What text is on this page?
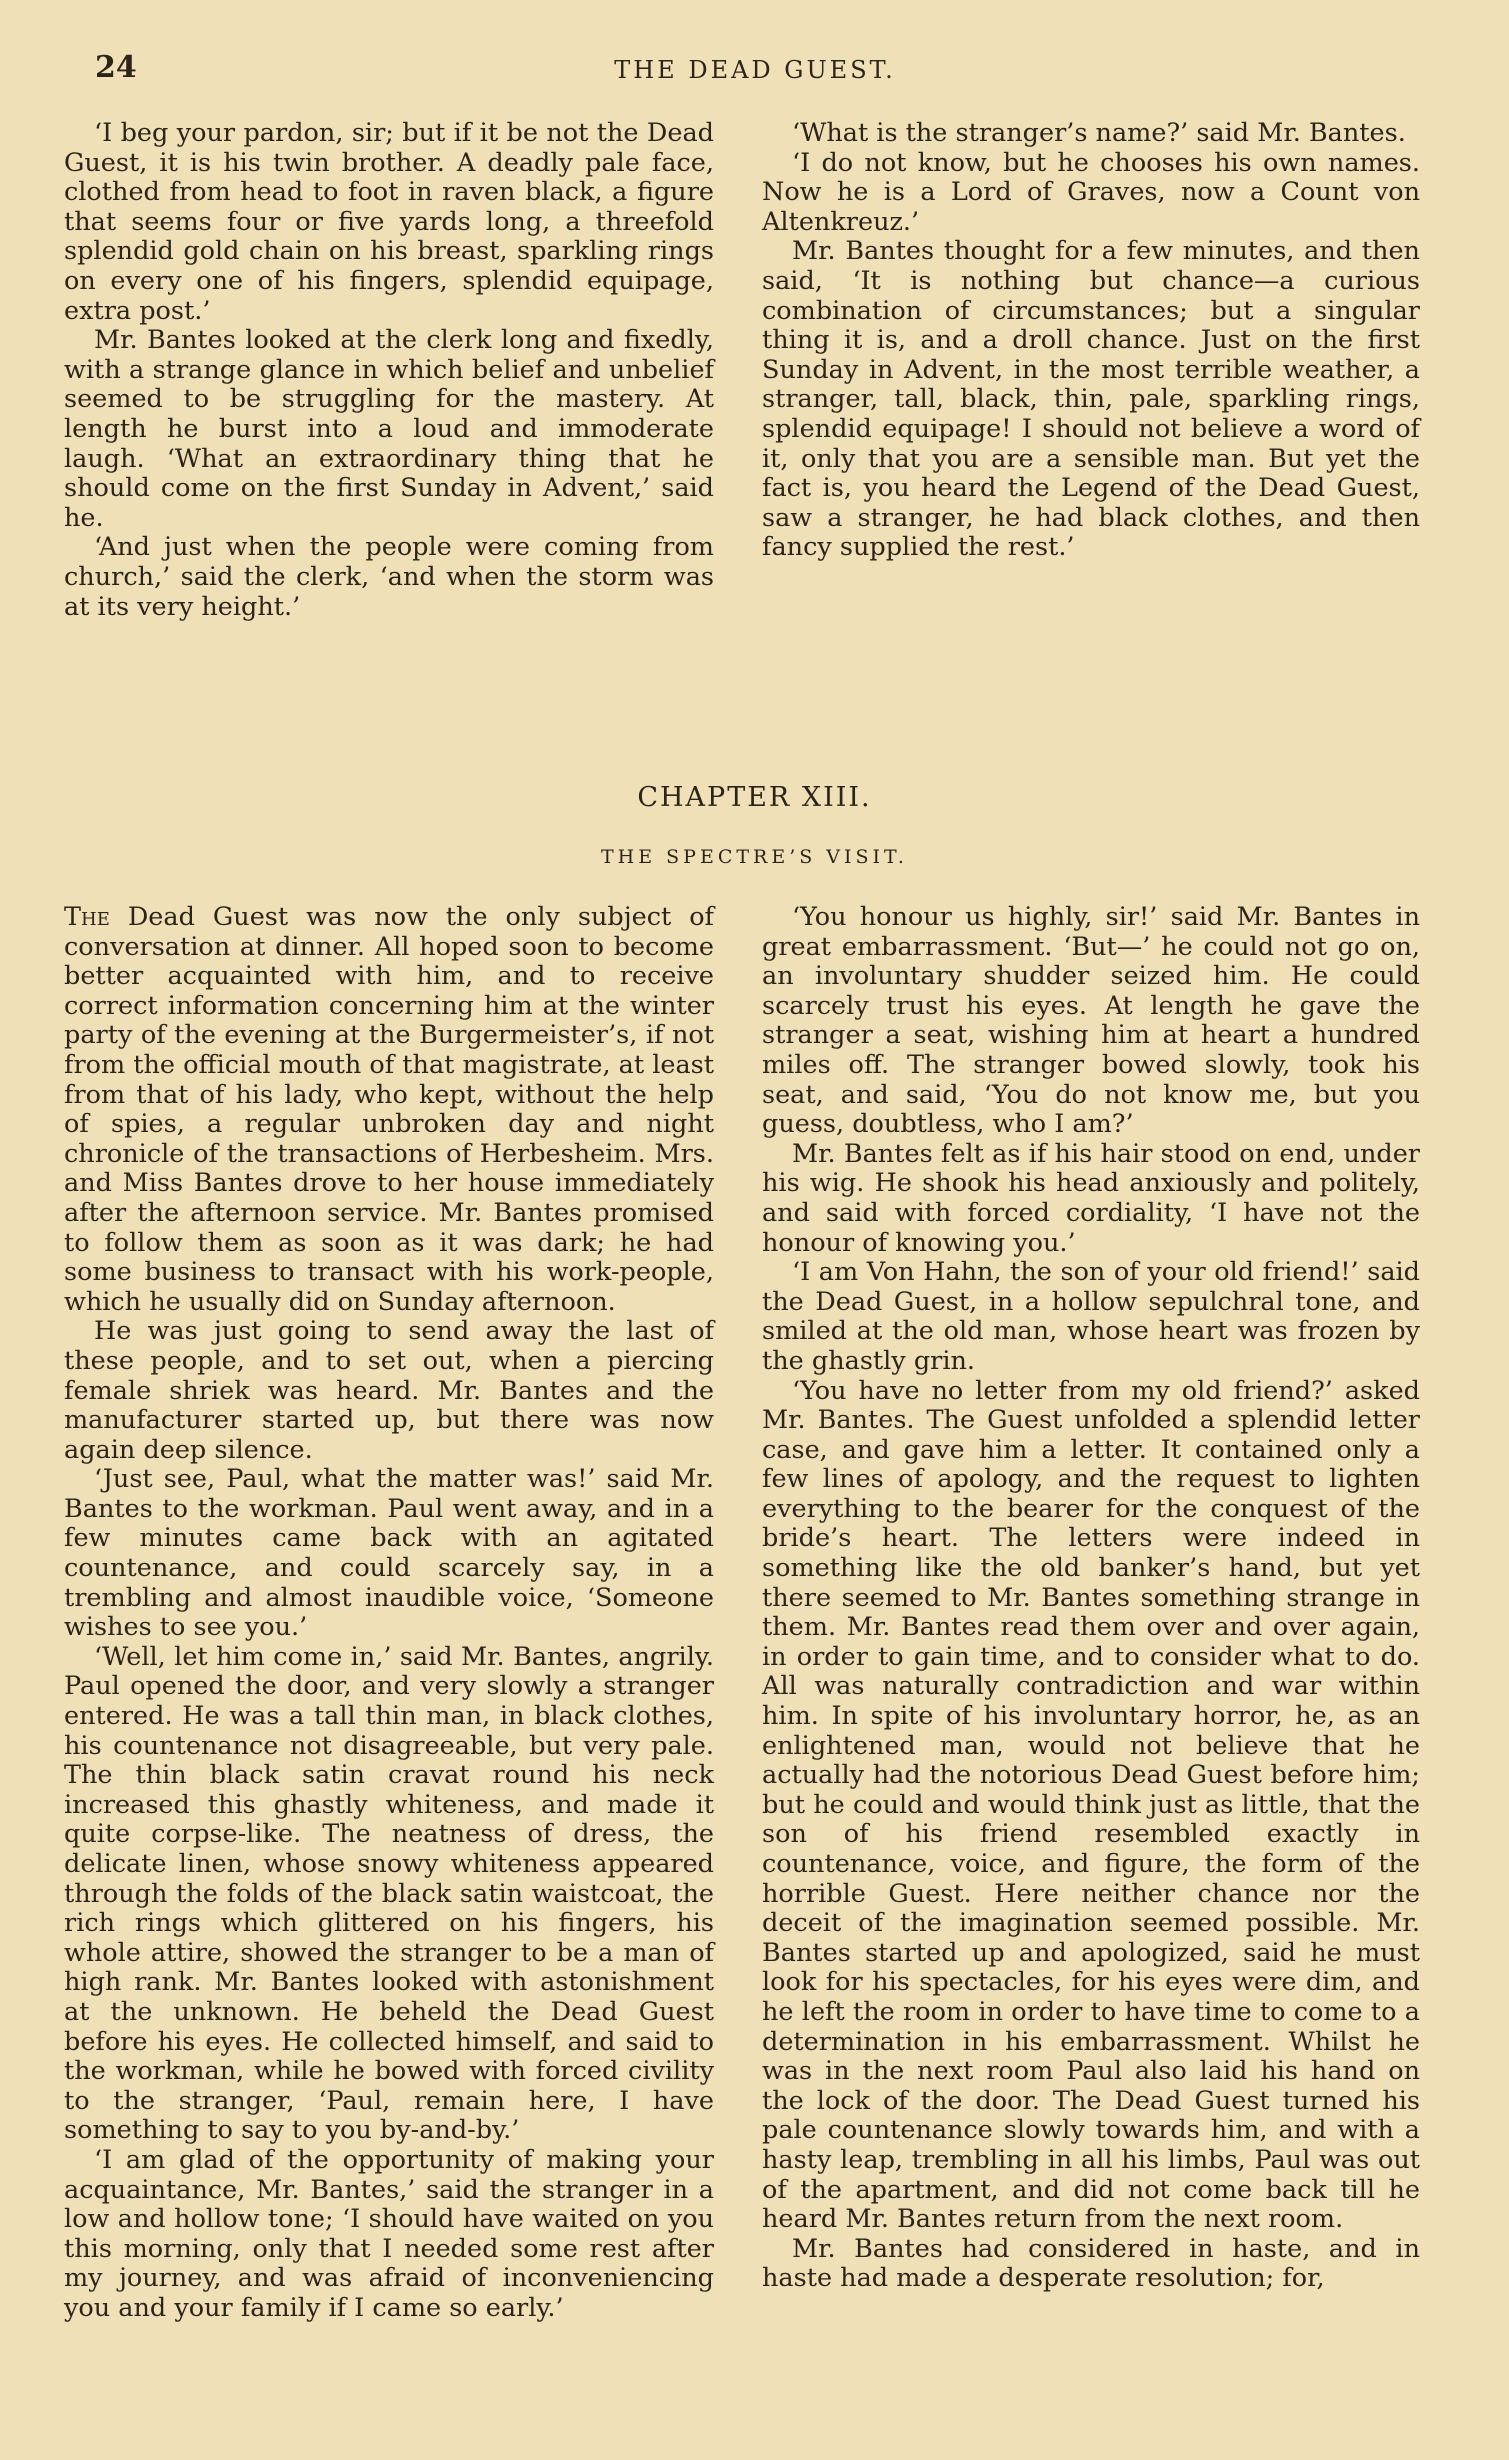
24	THE DEAD GUEST.

‘I beg your pardon, sir; but if it be not the Dead Guest, it is his twin brother. A deadly pale face, clothed from head to foot in raven black, a figure that seems four or five yards long, a threefold splendid gold chain on his breast, sparkling rings on every one of his fingers, splendid equipage, extra post.’

Mr. Bantes looked at the clerk long and fixedly, with a strange glance in which belief and unbelief seemed to be struggling for the mastery. At length he burst into a loud and immoderate laugh. ‘What an extraordinary thing that he should come on the first Sunday in Advent,’ said he.

‘And just when the people were coming from church,’ said the clerk, ‘and when the storm was at its very height.’

‘What is the stranger’s name?’ said Mr. Bantes.

‘I do not know, but he chooses his own names. Now he is a Lord of Graves, now a Count von Altenkreuz.’

Mr. Bantes thought for a few minutes, and then said, ‘It is nothing but chance—a curious combination of circumstances; but a singular thing it is, and a droll chance. Just on the first Sunday in Advent, in the most terrible weather, a stranger, tall, black, thin, pale, sparkling rings, splendid equipage! I should not believe a word of it, only that you are a sensible man. But yet the fact is, you heard the Legend of the Dead Guest, saw a stranger, he had black clothes, and then fancy supplied the rest.’

CHAPTER XIII.
THE SPECTRE’S VISIT.

The Dead Guest was now the only subject of conversation at dinner. All hoped soon to become better acquainted with him, and to receive correct information concerning him at the winter party of the evening at the Burgermeister’s, if not from the official mouth of that magistrate, at least from that of his lady, who kept, without the help of spies, a regular unbroken day and night chronicle of the transactions of Herbesheim. Mrs. and Miss Bantes drove to her house immediately after the afternoon service. Mr. Bantes promised to follow them as soon as it was dark; he had some business to transact with his work-people, which he usually did on Sunday afternoon.

He was just going to send away the last of these people, and to set out, when a piercing female shriek was heard. Mr. Bantes and the manufacturer started up, but there was now again deep silence.

‘Just see, Paul, what the matter was!’ said Mr. Bantes to the workman. Paul went away, and in a few minutes came back with an agitated countenance, and could scarcely say, in a trembling and almost inaudible voice, ‘Someone wishes to see you.’

‘Well, let him come in,’ said Mr. Bantes, angrily. Paul opened the door, and very slowly a stranger entered. He was a tall thin man, in black clothes, his countenance not disagreeable, but very pale. The thin black satin cravat round his neck increased this ghastly whiteness, and made it quite corpse-like. The neatness of dress, the delicate linen, whose snowy whiteness appeared through the folds of the black satin waistcoat, the rich rings which glittered on his fingers, his whole attire, showed the stranger to be a man of high rank. Mr. Bantes looked with astonishment at the unknown. He beheld the Dead Guest before his eyes. He collected himself, and said to the workman, while he bowed with forced civility to the stranger, ‘Paul, remain here, I have something to say to you by-and-by.’

‘I am glad of the opportunity of making your acquaintance, Mr. Bantes,’ said the stranger in a low and hollow tone; ‘I should have waited on you this morning, only that I needed some rest after my journey, and was afraid of inconveniencing you and your family if I came so early.’

‘You honour us highly, sir!’ said Mr. Bantes in great embarrassment. ‘But—’ he could not go on, an involuntary shudder seized him. He could scarcely trust his eyes. At length he gave the stranger a seat, wishing him at heart a hundred miles off. The stranger bowed slowly, took his seat, and said, ‘You do not know me, but you guess, doubtless, who I am?’

Mr. Bantes felt as if his hair stood on end, under his wig. He shook his head anxiously and politely, and said with forced cordiality, ‘I have not the honour of knowing you.’

‘I am Von Hahn, the son of your old friend!’ said the Dead Guest, in a hollow sepulchral tone, and smiled at the old man, whose heart was frozen by the ghastly grin.

‘You have no letter from my old friend?’ asked Mr. Bantes. The Guest unfolded a splendid letter case, and gave him a letter. It contained only a few lines of apology, and the request to lighten everything to the bearer for the conquest of the bride’s heart. The letters were indeed in something like the old banker’s hand, but yet there seemed to Mr. Bantes something strange in them. Mr. Bantes read them over and over again, in order to gain time, and to consider what to do. All was naturally contradiction and war within him. In spite of his involuntary horror, he, as an enlightened man, would not believe that he actually had the notorious Dead Guest before him; but he could and would think just as little, that the son of his friend resembled exactly in countenance, voice, and figure, the form of the horrible Guest. Here neither chance nor the deceit of the imagination seemed possible. Mr. Bantes started up and apologized, said he must look for his spectacles, for his eyes were dim, and he left the room in order to have time to come to a determination in his embarrassment. Whilst he was in the next room Paul also laid his hand on the lock of the door. The Dead Guest turned his pale countenance slowly towards him, and with a hasty leap, trembling in all his limbs, Paul was out of the apartment, and did not come back till he heard Mr. Bantes return from the next room.

Mr. Bantes had considered in haste, and in haste had made a desperate resolution; for,
